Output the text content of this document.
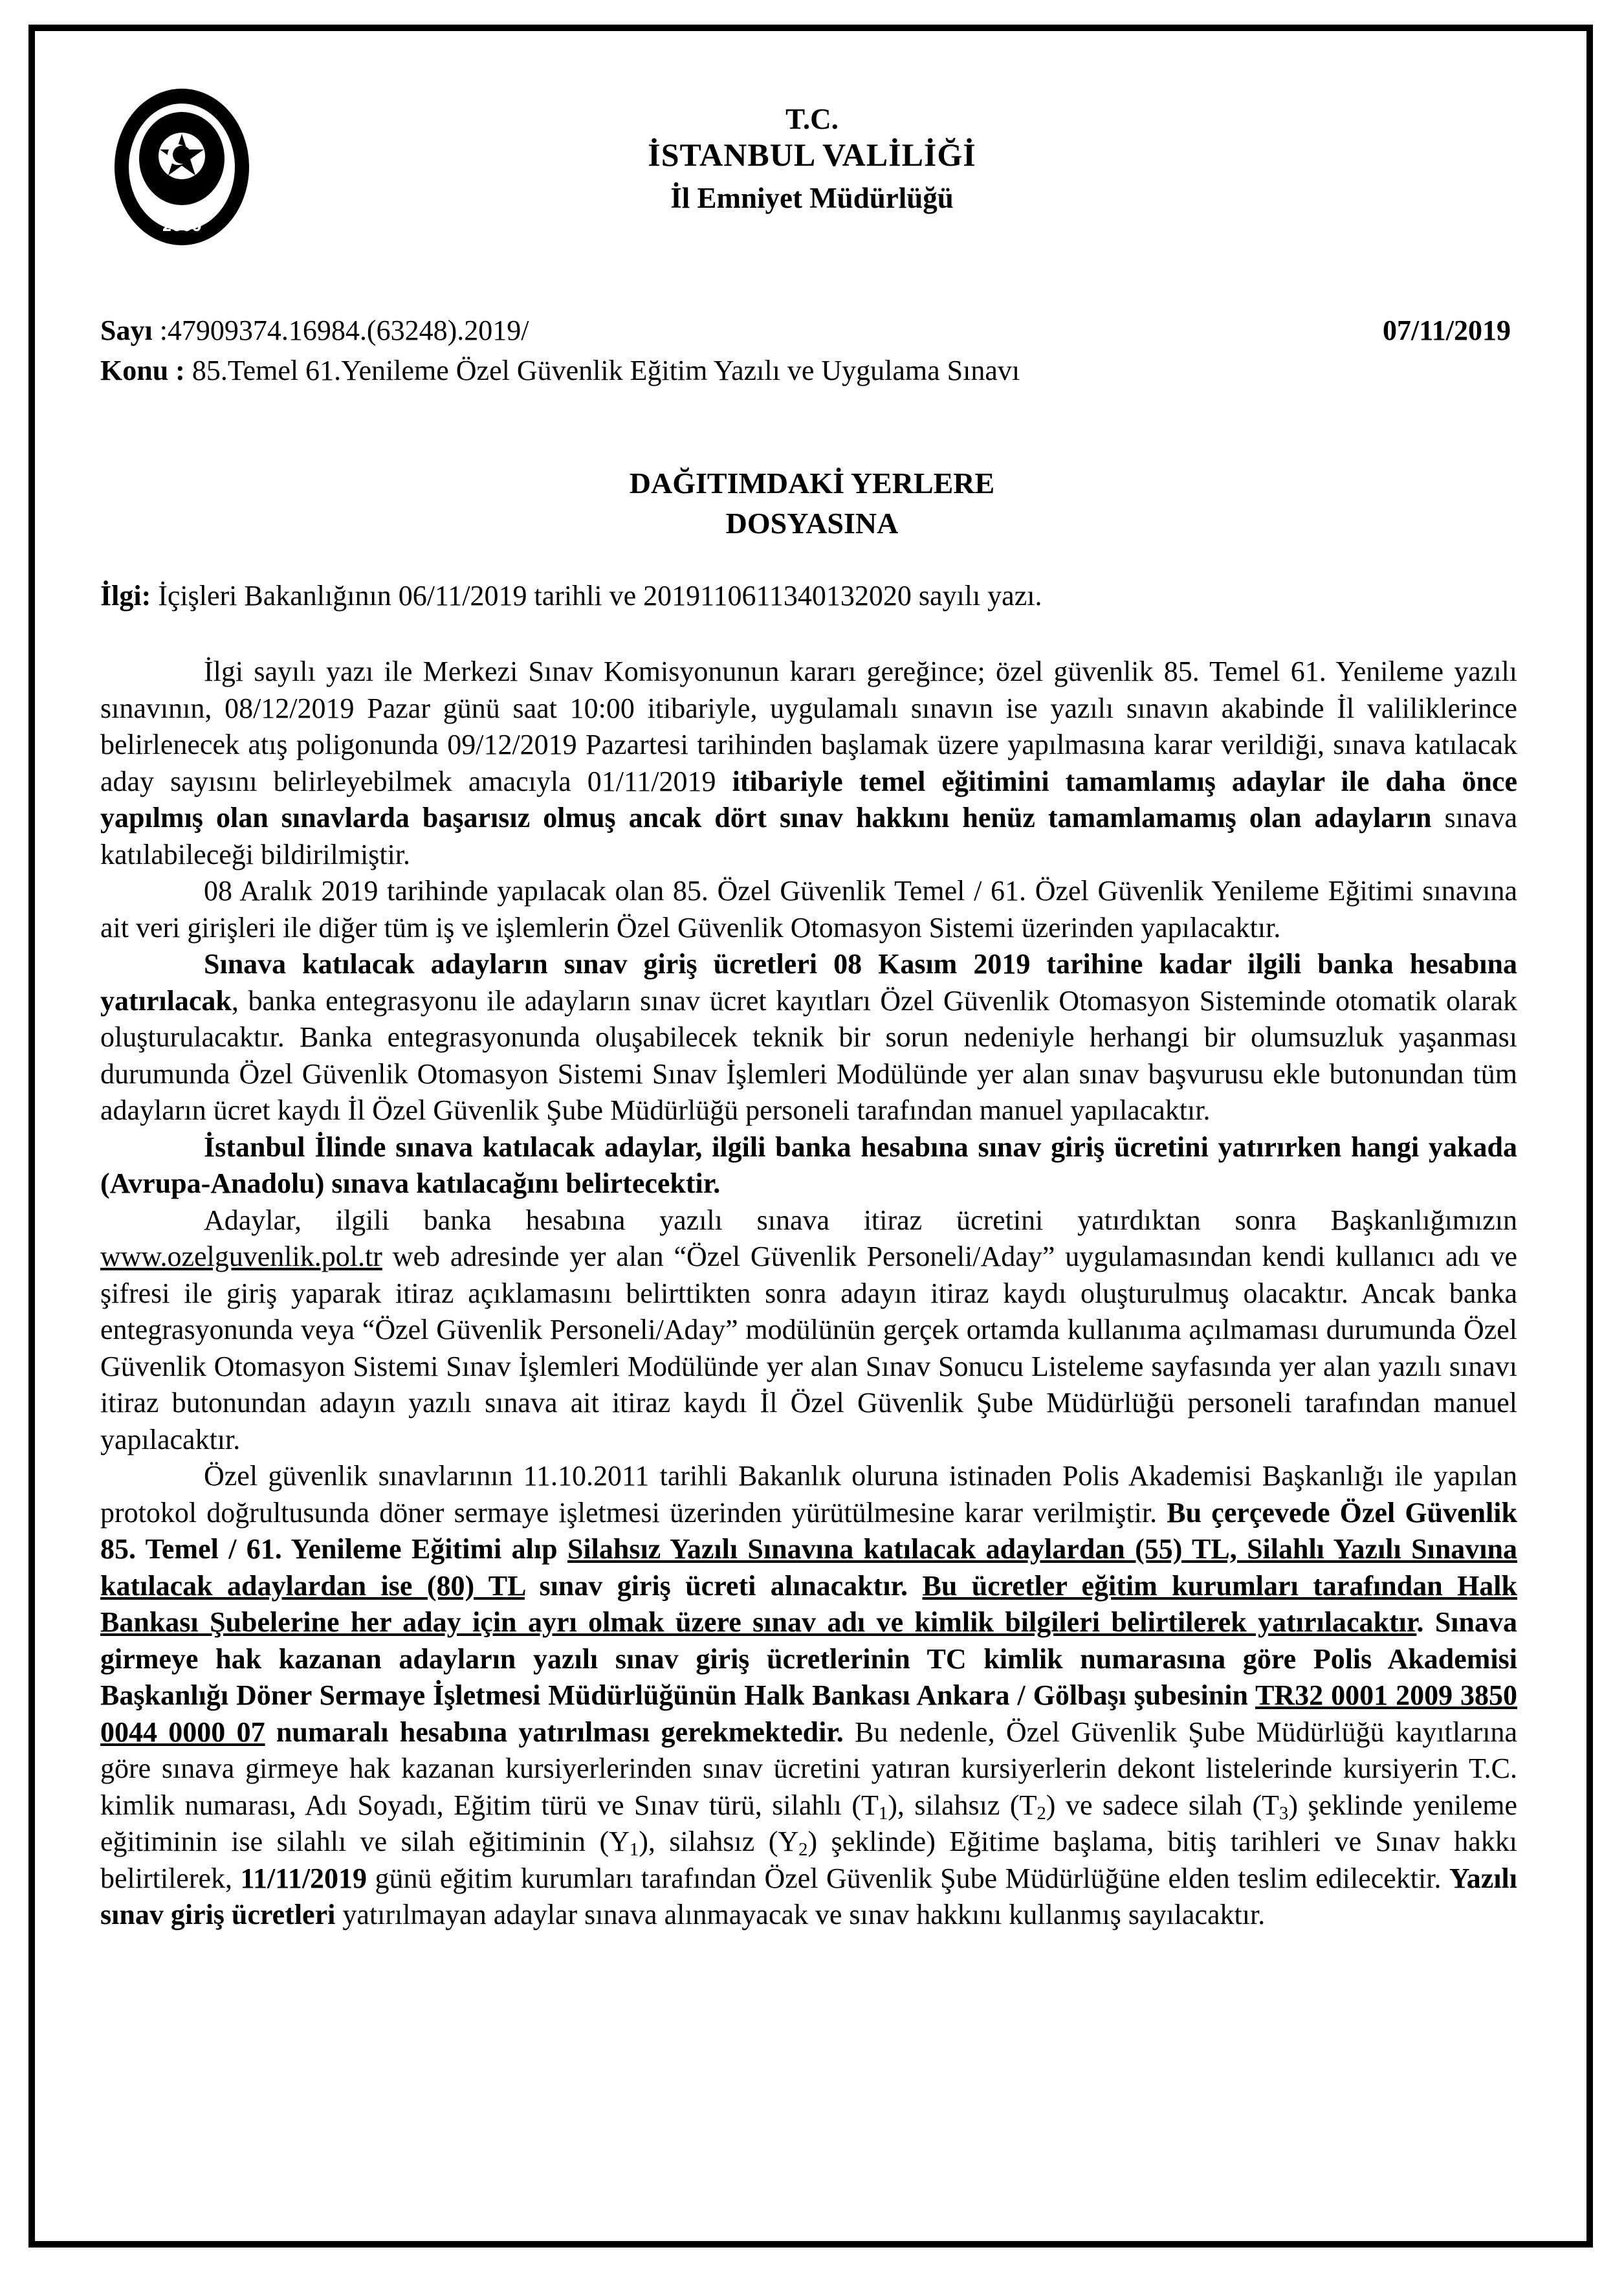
2000
T.C.
İSTANBUL VALİLİĞİ
İl Emniyet Müdürlüğü
Sayı :47909374.16984.(63248).2019/
Konu : 85.Temel 61.Yenileme Özel Güvenlik Eğitim Yazılı ve Uygulama Sınavı
07/11/2019
DAĞITIMDAKİ YERLERE
DOSYASINA
İlgi: İçişleri Bakanlığının 06/11/2019 tarihli ve 2019110611340132020 sayılı yazı.

İlgi sayılı yazı ile Merkezi Sınav Komisyonunun kararı gereğince; özel güvenlik 85. Temel 61. Yenileme yazılı sınavının, 08/12/2019 Pazar günü saat 10:00 itibariyle, uygulamalı sınavın ise yazılı sınavın akabinde İl valiliklerince belirlenecek atış poligonunda 09/12/2019 Pazartesi tarihinden başlamak üzere yapılmasına karar verildiği, sınava katılacak aday sayısını belirleyebilmek amacıyla 01/11/2019 itibariyle temel eğitimini tamamlamış adaylar ile daha önce yapılmış olan sınavlarda başarısız olmuş ancak dört sınav hakkını henüz tamamlamamış olan adayların sınava katılabileceği bildirilmiştir.

08 Aralık 2019 tarihinde yapılacak olan 85. Özel Güvenlik Temel / 61. Özel Güvenlik Yenileme Eğitimi sınavına ait veri girişleri ile diğer tüm iş ve işlemlerin Özel Güvenlik Otomasyon Sistemi üzerinden yapılacaktır.

Sınava katılacak adayların sınav giriş ücretleri 08 Kasım 2019 tarihine kadar ilgili banka hesabına yatırılacak, banka entegrasyonu ile adayların sınav ücret kayıtları Özel Güvenlik Otomasyon Sisteminde otomatik olarak oluşturulacaktır. Banka entegrasyonunda oluşabilecek teknik bir sorun nedeniyle herhangi bir olumsuzluk yaşanması durumunda Özel Güvenlik Otomasyon Sistemi Sınav İşlemleri Modülünde yer alan sınav başvurusu ekle butonundan tüm adayların ücret kaydı İl Özel Güvenlik Şube Müdürlüğü personeli tarafından manuel yapılacaktır.

İstanbul İlinde sınava katılacak adaylar, ilgili banka hesabına sınav giriş ücretini yatırırken hangi yakada (Avrupa-Anadolu) sınava katılacağını belirtecektir.

Adaylar, ilgili banka hesabına yazılı sınava itiraz ücretini yatırdıktan sonra Başkanlığımızın www.ozelguvenlik.pol.tr web adresinde yer alan “Özel Güvenlik Personeli/Aday” uygulamasından kendi kullanıcı adı ve şifresi ile giriş yaparak itiraz açıklamasını belirttikten sonra adayın itiraz kaydı oluşturulmuş olacaktır. Ancak banka entegrasyonunda veya “Özel Güvenlik Personeli/Aday” modülünün gerçek ortamda kullanıma açılmaması durumunda Özel Güvenlik Otomasyon Sistemi Sınav İşlemleri Modülünde yer alan Sınav Sonucu Listeleme sayfasında yer alan yazılı sınavı itiraz butonundan adayın yazılı sınava ait itiraz kaydı İl Özel Güvenlik Şube Müdürlüğü personeli tarafından manuel yapılacaktır.

Özel güvenlik sınavlarının 11.10.2011 tarihli Bakanlık oluruna istinaden Polis Akademisi Başkanlığı ile yapılan protokol doğrultusunda döner sermaye işletmesi üzerinden yürütülmesine karar verilmiştir. Bu çerçevede Özel Güvenlik 85. Temel / 61. Yenileme Eğitimi alıp Silahsız Yazılı Sınavına katılacak adaylardan (55) TL, Silahlı Yazılı Sınavına katılacak adaylardan ise (80) TL sınav giriş ücreti alınacaktır. Bu ücretler eğitim kurumları tarafından Halk Bankası Şubelerine her aday için ayrı olmak üzere sınav adı ve kimlik bilgileri belirtilerek yatırılacaktır. Sınava girmeye hak kazanan adayların yazılı sınav giriş ücretlerinin TC kimlik numarasına göre Polis Akademisi Başkanlığı Döner Sermaye İşletmesi Müdürlüğünün Halk Bankası Ankara / Gölbaşı şubesinin TR32 0001 2009 3850 0044 0000 07 numaralı hesabına yatırılması gerekmektedir. Bu nedenle, Özel Güvenlik Şube Müdürlüğü kayıtlarına göre sınava girmeye hak kazanan kursiyerlerinden sınav ücretini yatıran kursiyerlerin dekont listelerinde kursiyerin T.C. kimlik numarası, Adı Soyadı, Eğitim türü ve Sınav türü, silahlı $(T_1)$, silahsız $(T_2)$ ve sadece silah $(T_3)$ şeklinde yenileme eğitiminin ise silahlı ve silah eğitiminin $(Y_1)$, silahsız $(Y_2)$ şeklinde) Eğitime başlama, bitiş tarihleri ve Sınav hakkı belirtilerek, 11/11/2019 günü eğitim kurumları tarafından Özel Güvenlik Şube Müdürlüğüne elden teslim edilecektir. Yazılı sınav giriş ücretleri yatırılmayan adaylar sınava alınmayacak ve sınav hakkını kullanmış sayılacaktır.
